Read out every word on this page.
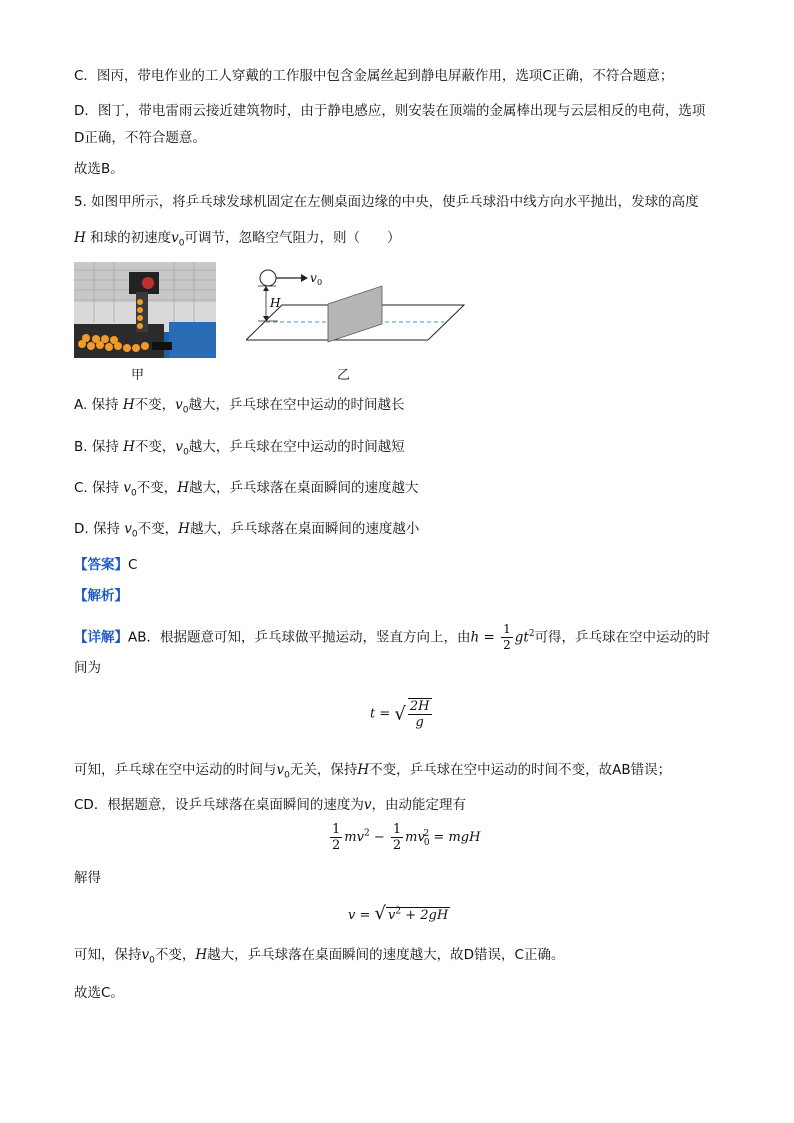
C．图丙，带电作业的工人穿戴的工作服中包含金属丝起到静电屏蔽作用，选项C正确，不符合题意；
D．图丁，带电雷雨云接近建筑物时，由于静电感应，则安装在顶端的金属棒出现与云层相反的电荷，选项
D正确，不符合题意。
故选B。
5. 如图甲所示，将乒乓球发球机固定在左侧桌面边缘的中央，使乒乓球沿中线方向水平抛出，发球的高度
H 和球的初速度$v_0$可调节，忽略空气阻力，则（　　）
甲
H
v 0
乙
A. 保持 H不变，$v_0$越大，乒乓球在空中运动的时间越长
B. 保持 H不变，$v_0$越大，乒乓球在空中运动的时间越短
C. 保持 $v_0$不变，H越大，乒乓球落在桌面瞬间的速度越大
D. 保持 $v_0$不变，H越大，乒乓球落在桌面瞬间的速度越小
【答案】C
【解析】
【详解】AB．根据题意可知，乒乓球做平抛运动，竖直方向上，由$h = \frac{1}{2} gt^2$可得，乒乓球在空中运动的时
间为
t = √ $\frac{2H}{g}$
可知，乒乓球在空中运动的时间与$v_0$无关，保持H不变，乒乓球在空中运动的时间不变，故AB错误；
CD．根据题意，设乒乓球落在桌面瞬间的速度为v，由动能定理有
$\frac{1}{2} mv^2 - \frac{1}{2} mv_0^2$ = mgH
解得
v = √ $v^2 + 2gH$
可知，保持$v_0$不变，H越大，乒乓球落在桌面瞬间的速度越大，故D错误，C正确。
故选C。
